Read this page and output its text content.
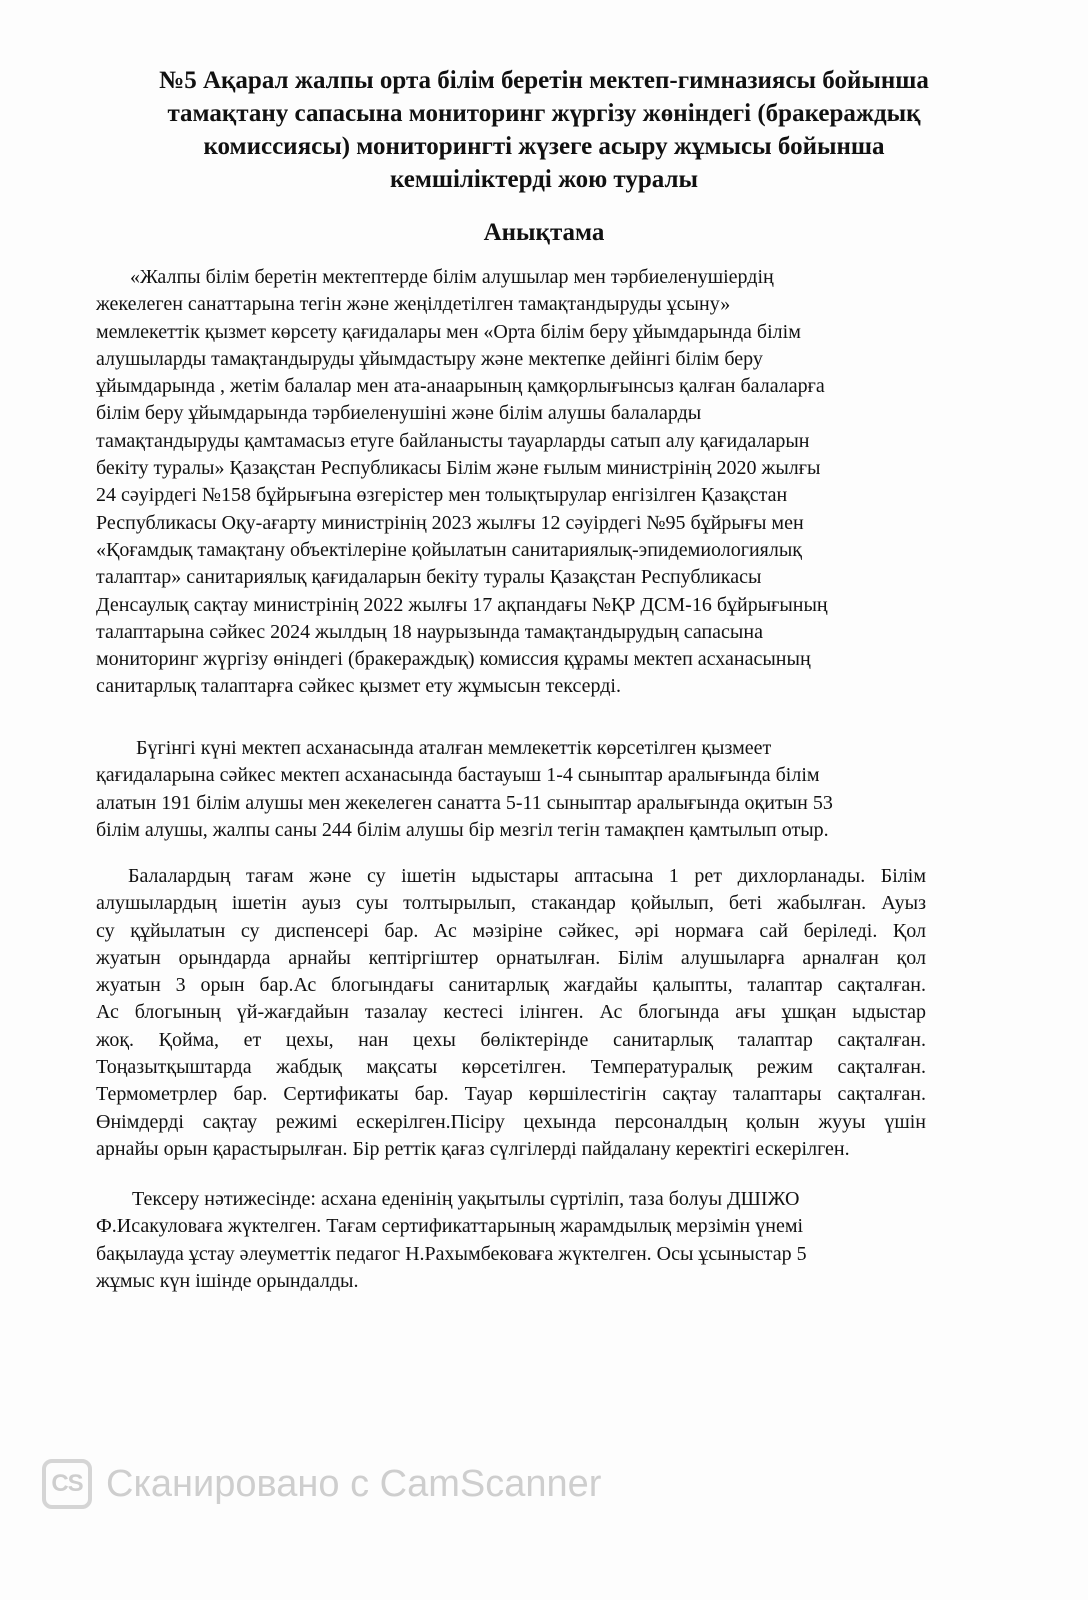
№5 Ақарал жалпы орта білім беретін мектеп-гимназиясы бойынша
тамақтану сапасына мониторинг жүргізу жөніндегі (бракераждық
комиссиясы) мониторингті жүзеге асыру жұмысы бойынша
кемшіліктерді жою туралы
Анықтама

«Жалпы білім беретін мектептерде білім алушылар мен тәрбиеленушіердің
жекелеген санаттарына тегін және жеңілдетілген тамақтандыруды ұсыну»
мемлекеттік қызмет көрсету қағидалары мен «Орта білім беру ұйымдарында білім
алушыларды тамақтандыруды ұйымдастыру және мектепке дейінгі білім беру
ұйымдарында , жетім балалар мен ата-анаарының қамқорлығынсыз қалған балаларға
білім беру ұйымдарында тәрбиеленушіні және білім алушы балаларды
тамақтандыруды қамтамасыз етуге байланысты тауарларды сатып алу қағидаларын
бекіту туралы» Қазақстан Республикасы Білім және ғылым министрінің 2020 жылғы
24 сәуірдегі №158 бұйрығына өзгерістер мен толықтырулар енгізілген Қазақстан
Республикасы Оқу-ағарту министрінің 2023 жылғы 12 сәуірдегі №95 бұйрығы мен
«Қоғамдық тамақтану объектілеріне қойылатын санитариялық-эпидемиологиялық
талаптар» санитариялық қағидаларын бекіту туралы Қазақстан Республикасы
Денсаулық сақтау министрінің 2022 жылғы 17 ақпандағы №ҚР ДСМ-16 бұйрығының
талаптарына сәйкес 2024 жылдың 18 наурызында тамақтандырудың сапасына
мониторинг жүргізу өніндегі (бракераждық) комиссия құрамы мектеп асханасының
санитарлық талаптарға сәйкес қызмет ету жұмысын тексерді.

Бүгінгі күні мектеп асханасында аталған мемлекеттік көрсетілген қызмеет
қағидаларына сәйкес мектеп асханасында бастауыш 1-4 сыныптар аралығында білім
алатын 191 білім алушы мен жекелеген санатта 5-11 сыныптар аралығында оқитын 53
білім алушы, жалпы саны 244 білім алушы бір мезгіл тегін тамақпен қамтылып отыр.

Балалардың тағам және су ішетін ыдыстары аптасына 1 рет дихлорланады. Білім
алушылардың ішетін ауыз суы толтырылып, стакандар қойылып, беті жабылған. Ауыз
су құйылатын су диспенсері бар. Ас мәзіріне сәйкес, әрі нормаға сай беріледі. Қол
жуатын орындарда арнайы кептіргіштер орнатылған. Білім алушыларға арналған қол
жуатын 3 орын бар.Ас блогындағы санитарлық жағдайы қалыпты, талаптар сақталған.
Ас блогының үй-жағдайын тазалау кестесі ілінген. Ас блогында ағы ұшқан ыдыстар
жоқ. Қойма, ет цехы, нан цехы бөліктерінде санитарлық талаптар сақталған.
Тоңазытқыштарда жабдық мақсаты көрсетілген. Температуралық режим сақталған.
Термометрлер бар. Сертификаты бар. Тауар көршілестігін сақтау талаптары сақталған.
Өнімдерді сақтау режимі ескерілген.Пісіру цехында персоналдың қолын жууы үшін
арнайы орын қарастырылған. Бір реттік қағаз сүлгілерді пайдалану керектігі ескерілген.

Тексеру нәтижесінде: асхана еденінің уақытылы сүртіліп, таза болуы ДШІЖО
Ф.Исакуловаға жүктелген. Тағам сертификаттарының жарамдылық мерзімін үнемі
бақылауда ұстау әлеуметтік педагог Н.Рахымбековаға жүктелген. Осы ұсыныстар 5
жұмыс күн ішінде орындалды.

CS Сканировано с CamScanner
